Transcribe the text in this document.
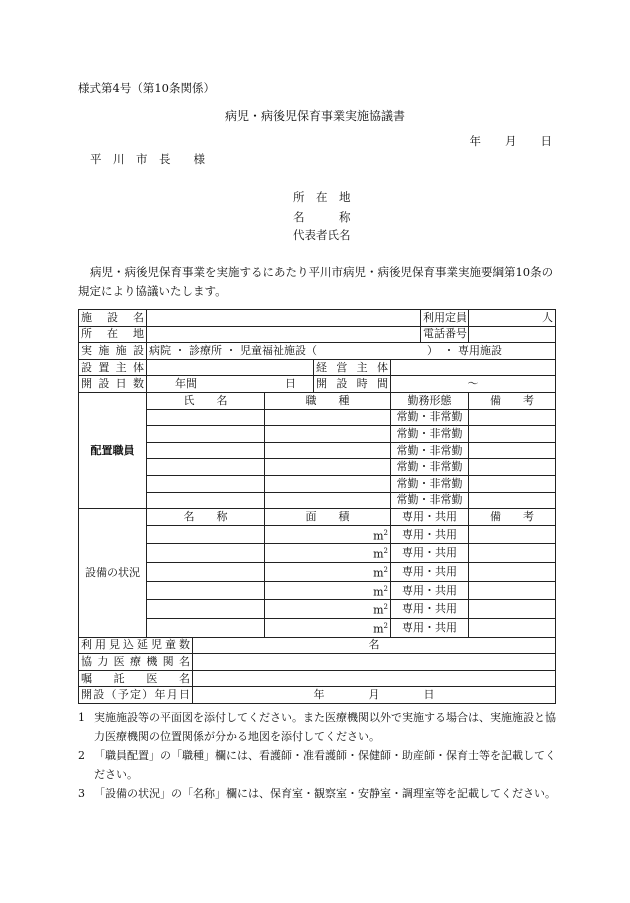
様式第4号（第10条関係）
病児・病後児保育事業実施協議書
年 月 日
平　川　市　長　　様
所　在　地
名　　　称
代表者氏名
病児・病後児保育事業を実施するにあたり平川市病児・病後児保育事業実施要綱第10条の規定により協議いたします。
施　設　名						利用定員	人
所　在　地						電話番号	
実施施設	病院 ・ 診療所 ・ 児童福祉施設（　　　　　　　　　　）　・ 専用施設						
設置主体				経営主体			
開設日数	年間 日			開設時間	～		
配置職員	氏　　名		職　　種		勤務形態		備　　考
					常勤・非常勤		
					常勤・非常勤		
					常勤・非常勤		
					常勤・非常勤		
					常勤・非常勤		
					常勤・非常勤		
設備の状況	名　　称		面　　積		専用・共用		備　　考
			$m^2$		専用・共用		
			$m^2$		専用・共用		
			$m^2$		専用・共用		
			$m^2$		専用・共用		
			$m^2$		専用・共用		
			$m^2$		専用・共用		
利用見込延児童数		名					
協力医療機関名							
嘱　託　医　名							
開設（予定）年月日		年　　　　月　　　　日					
1 実施施設等の平面図を添付してください。また医療機関以外で実施する場合は、実施施設と協力医療機関の位置関係が分かる地図を添付してください。
2 「職員配置」の「職種」欄には、看護師・准看護師・保健師・助産師・保育士等を記載してください。
3 「設備の状況」の「名称」欄には、保育室・観察室・安静室・調理室等を記載してください。
